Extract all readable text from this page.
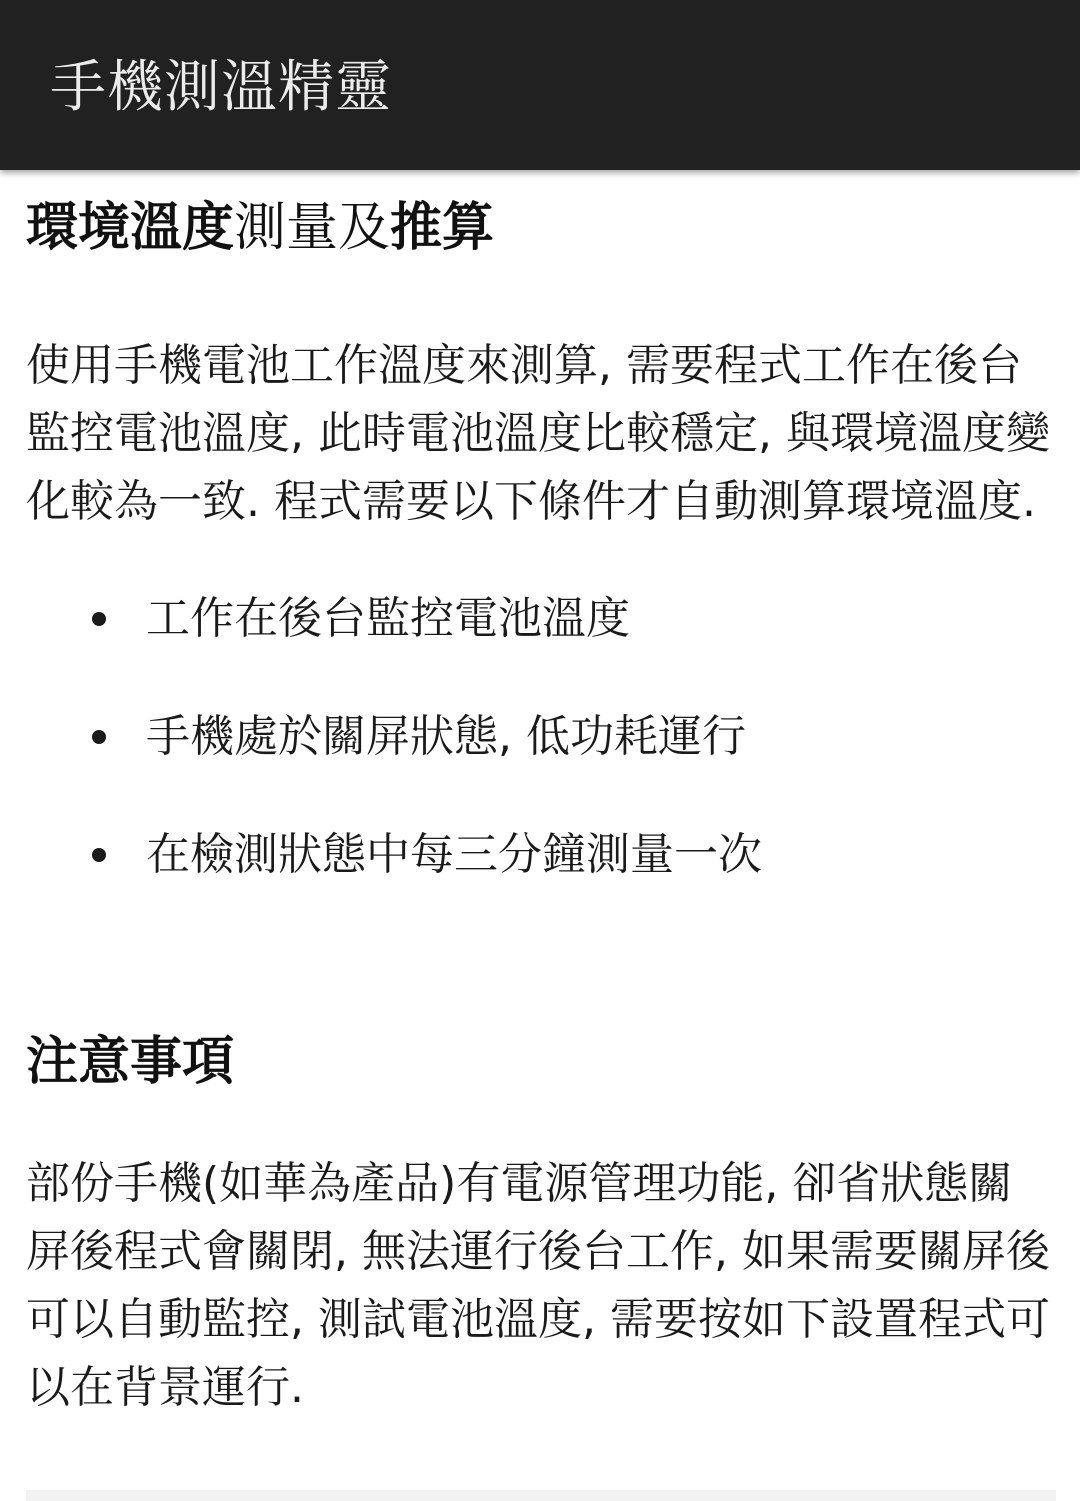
手機測溫精靈
環境溫度測量及推算

使用手機電池工作溫度來測算, 需要程式工作在後台監控電池溫度, 此時電池溫度比較穩定, 與環境溫度變化較為一致. 程式需要以下條件才自動測算環境溫度.

工作在後台監控電池溫度
手機處於關屏狀態, 低功耗運行
在檢測狀態中每三分鐘測量一次
注意事項

部份手機(如華為產品)有電源管理功能, 卻省狀態關屏後程式會關閉, 無法運行後台工作, 如果需要關屏後可以自動監控, 測試電池溫度, 需要按如下設置程式可以在背景運行.
